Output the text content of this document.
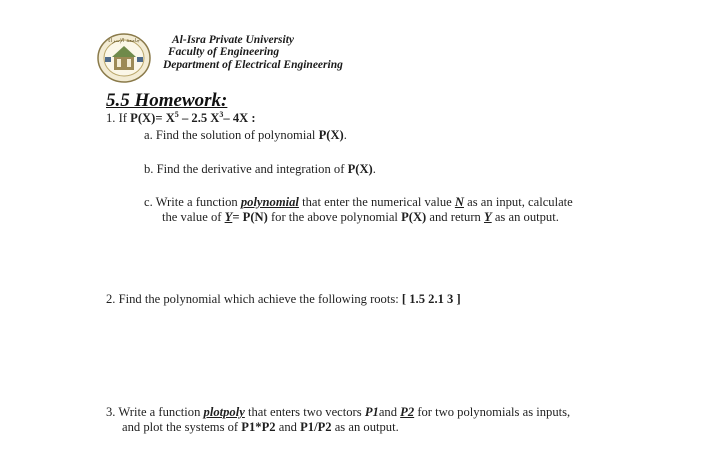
جامعة الإسراء	Al-Isra Private University
Faculty of Engineering
Department of Electrical Engineering
5.5 Homework:
1. If $P(X)= X^5 - 2.5$ $X^3-$ 4X :
a. Find the solution of polynomial P(X).
b. Find the derivative and integration of P(X).
c. Write a function polynomial that enter the numerical value N as an input, calculate
the value of Y= P(N) for the above polynomial P(X) and return Y as an output.
2. Find the polynomial which achieve the following roots: [ 1.5 2.1 3 ]
3. Write a function plotpoly that enters two vectors P1and P2 for two polynomials as inputs,
and plot the systems of P1*P2 and P1/P2 as an output.
